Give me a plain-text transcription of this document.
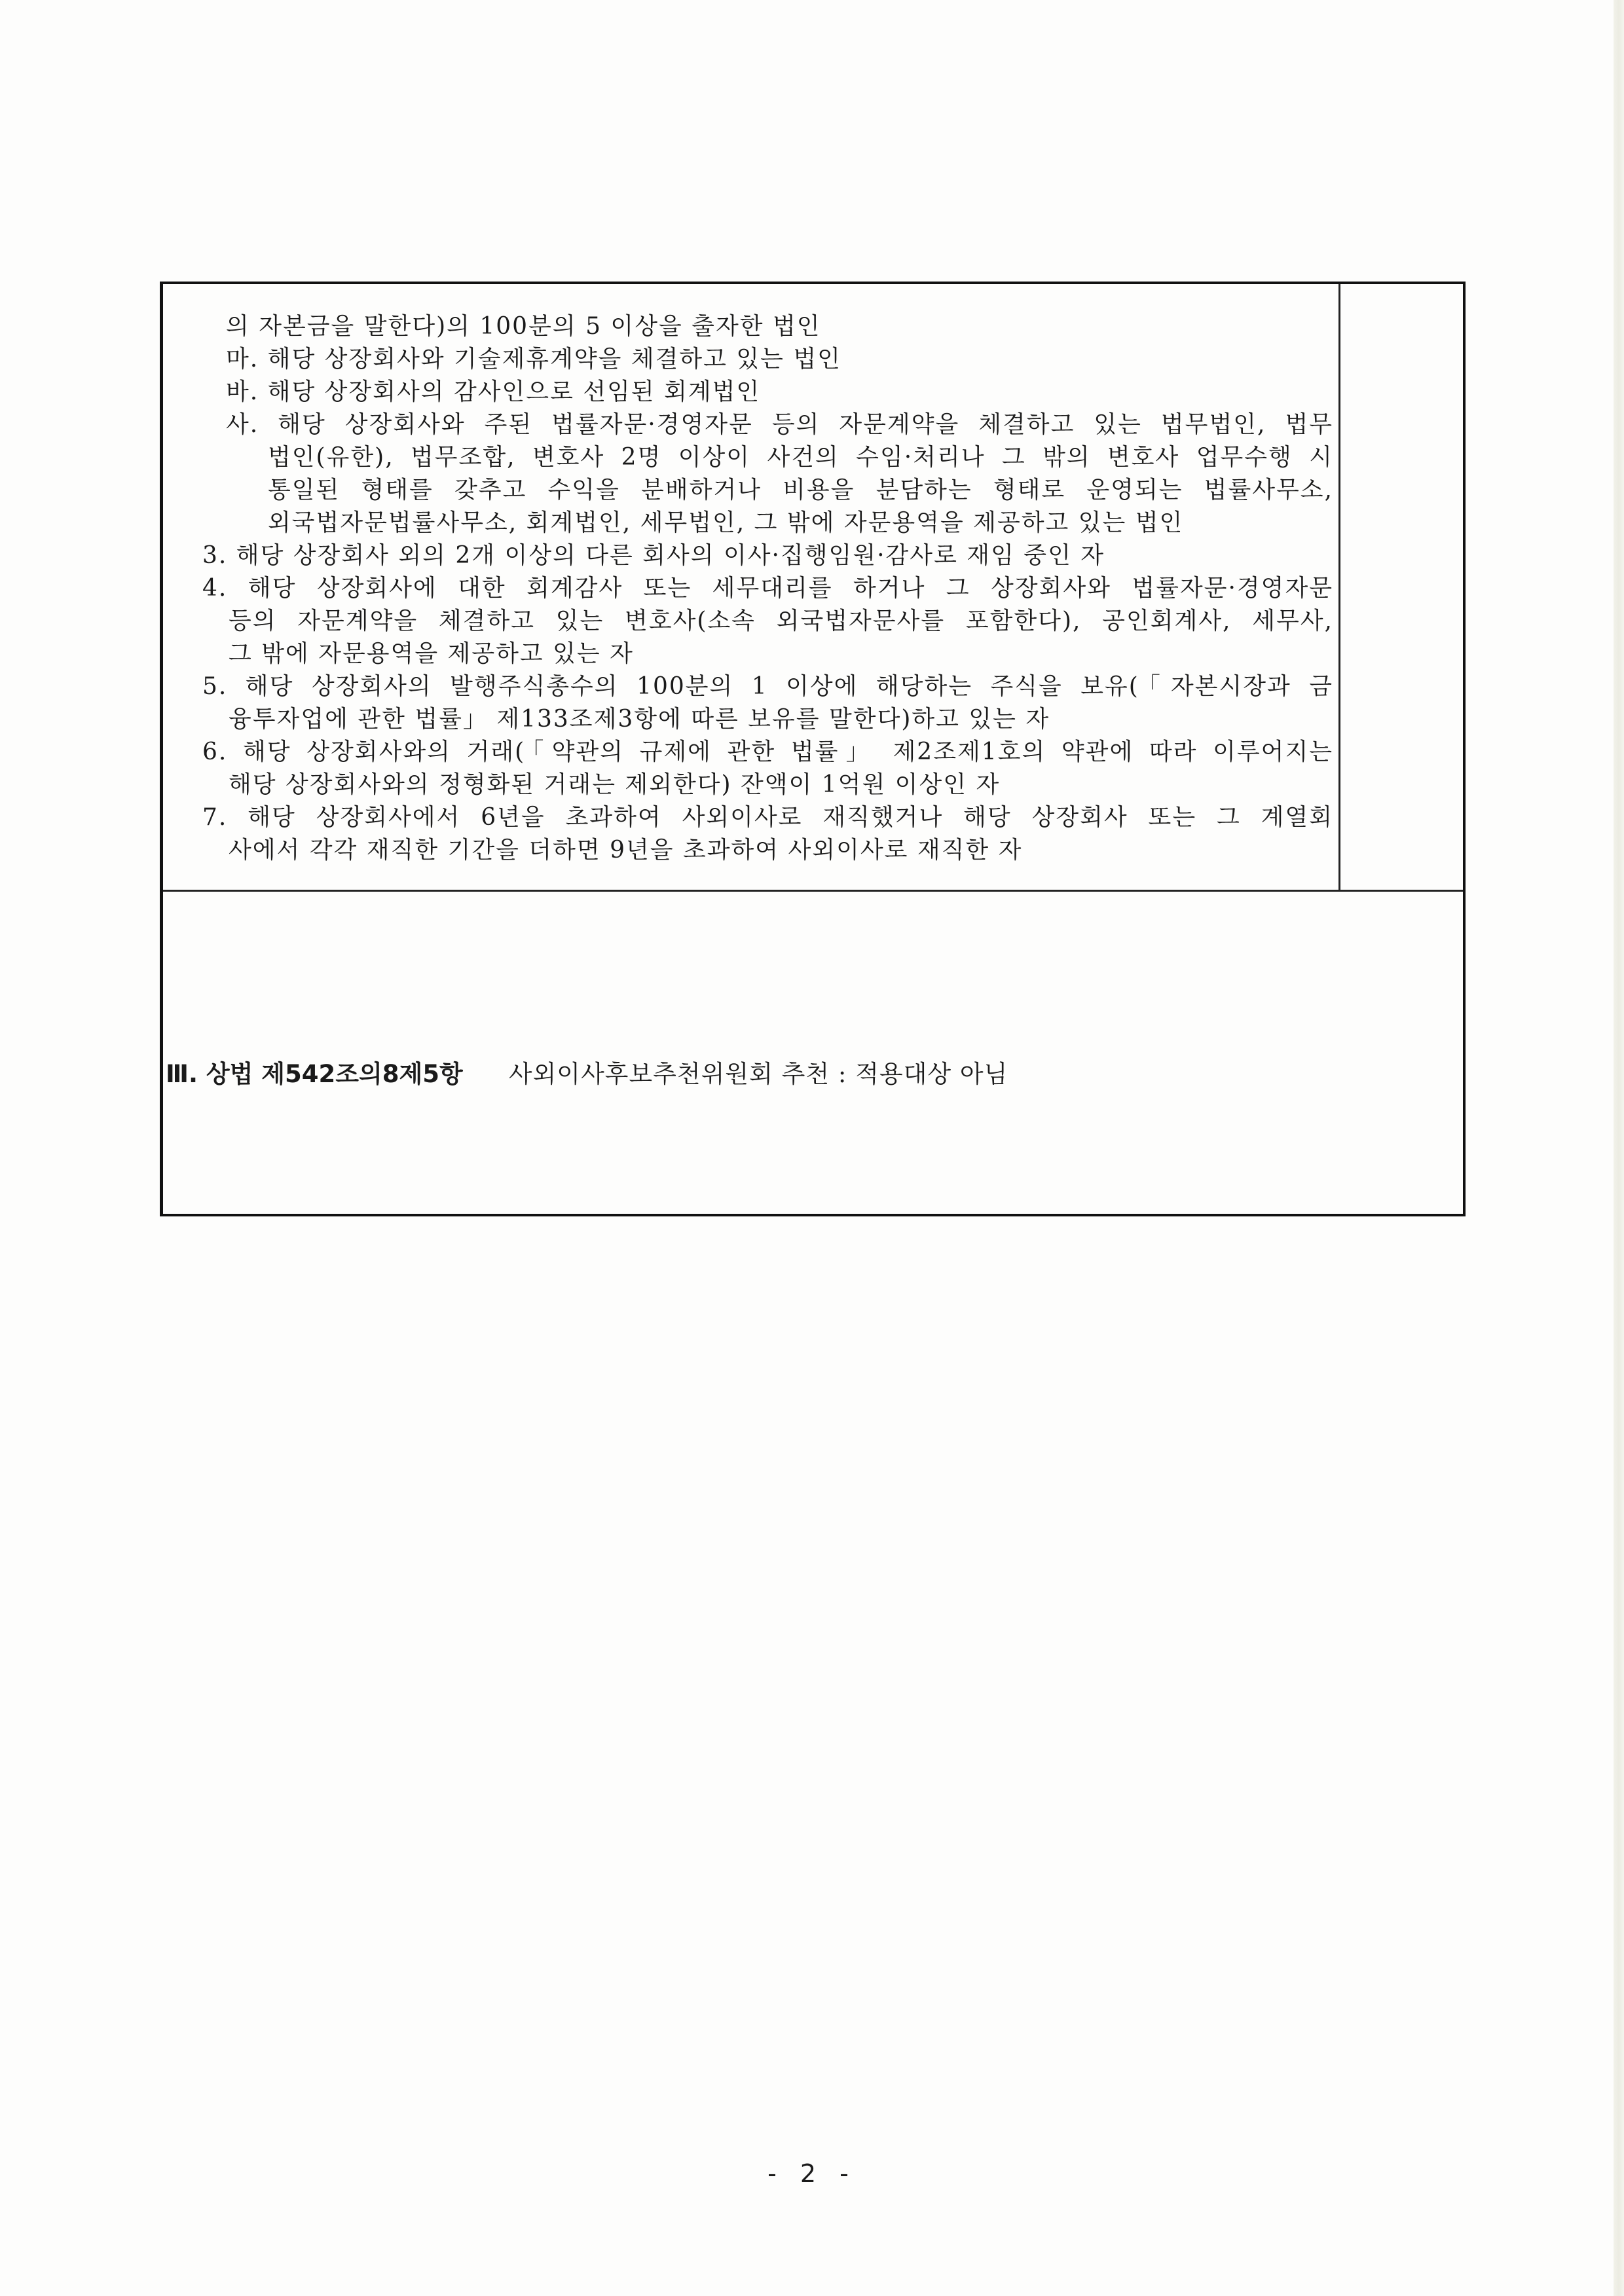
의 자본금을 말한다)의 100분의 5 이상을 출자한 법인
마. 해당 상장회사와 기술제휴계약을 체결하고 있는 법인
바. 해당 상장회사의 감사인으로 선임된 회계법인
사. 해당 상장회사와 주된 법률자문·경영자문 등의 자문계약을 체결하고 있는 법무법인, 법무
법인(유한), 법무조합, 변호사 2명 이상이 사건의 수임·처리나 그 밖의 변호사 업무수행 시
통일된 형태를 갖추고 수익을 분배하거나 비용을 분담하는 형태로 운영되는 법률사무소,
외국법자문법률사무소, 회계법인, 세무법인, 그 밖에 자문용역을 제공하고 있는 법인
3. 해당 상장회사 외의 2개 이상의 다른 회사의 이사·집행임원·감사로 재임 중인 자
4. 해당 상장회사에 대한 회계감사 또는 세무대리를 하거나 그 상장회사와 법률자문·경영자문
등의 자문계약을 체결하고 있는 변호사(소속 외국법자문사를 포함한다), 공인회계사, 세무사,
그 밖에 자문용역을 제공하고 있는 자
5. 해당 상장회사의 발행주식총수의 100분의 1 이상에 해당하는 주식을 보유(「자본시장과 금
융투자업에 관한 법률」 제133조제3항에 따른 보유를 말한다)하고 있는 자
6. 해당 상장회사와의 거래(「약관의 규제에 관한 법률」 제2조제1호의 약관에 따라 이루어지는
해당 상장회사와의 정형화된 거래는 제외한다) 잔액이 1억원 이상인 자
7. 해당 상장회사에서 6년을 초과하여 사외이사로 재직했거나 해당 상장회사 또는 그 계열회
사에서 각각 재직한 기간을 더하면 9년을 초과하여 사외이사로 재직한 자
Ⅲ. 상법 제542조의8제5항 사외이사후보추천위원회 추천 : 적용대상 아님
- 2 -
